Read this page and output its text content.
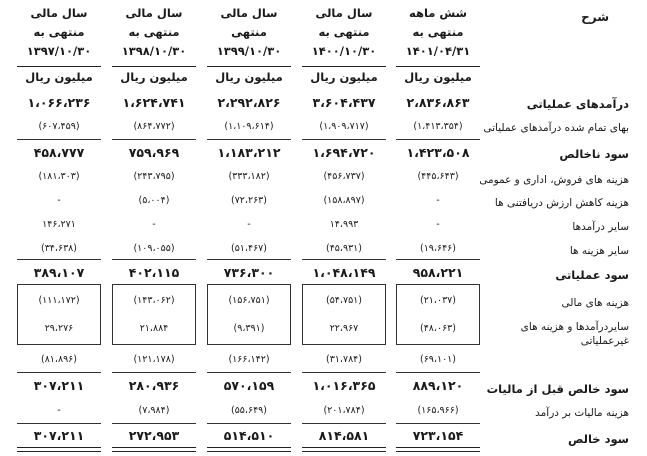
شرح
شش ماهه
منتهی به
۱۴۰۱/۰۴/۳۱
سال مالی
منتهی به
۱۴۰۰/۱۰/۳۰
سال مالی
منتهی
۱۳۹۹/۱۰/۳۰
سال مالی
منتهی به
۱۳۹۸/۱۰/۳۰
سال مالی
منتهی به
۱۳۹۷/۱۰/۳۰
میلیون ریال
میلیون ریال
میلیون ریال
میلیون ریال
میلیون ریال
درآمدهای عملیاتی
بهای تمام شده درآمدهای عملیاتی
سود ناخالص
هزینه های فروش، اداری و عمومی
هزینه کاهش ارزش دریافتنی ها
سایر درآمدها
سایر هزینه ها
سود عملیاتی
هزینه های مالی
سایردرآمدها و هزینه های غیرعملیاتی
سود خالص قبل از مالیات
هزینه مالیات بر درآمد
سود خالص
۲،۸۳۶،۸۶۳
(۱،۴۱۳،۳۵۴)
۱،۴۲۳،۵۰۸
(۴۴۵،۶۴۳)
-
-
(۱۹،۶۴۶)
۹۵۸،۲۲۱
(۲۱،۰۳۷)
(۴۸،۰۶۳)
(۶۹،۱۰۱)
۸۸۹،۱۲۰
(۱۶۵،۹۶۶)
۷۲۳،۱۵۴
۳،۶۰۴،۴۳۷
(۱،۹۰۹،۷۱۷)
۱،۶۹۴،۷۲۰
(۴۵۶،۷۳۷)
(۱۵۸،۸۹۷)
۱۴،۹۹۳
(۴۵،۹۳۱)
۱،۰۴۸،۱۴۹
(۵۴،۷۵۱)
۲۲،۹۶۷
(۳۱،۷۸۴)
۱،۰۱۶،۳۶۵
(۲۰۱،۷۸۴)
۸۱۴،۵۸۱
۲،۲۹۲،۸۲۶
(۱،۱۰۹،۶۱۴)
۱،۱۸۳،۲۱۲
(۳۳۳،۱۸۲)
(۷۲،۲۶۳)
-
(۵۱،۴۶۷)
۷۳۶،۳۰۰
(۱۵۶،۷۵۱)
(۹،۳۹۱)
(۱۶۶،۱۴۲)
۵۷۰،۱۵۹
(۵۵،۶۴۹)
۵۱۴،۵۱۰
۱،۶۲۴،۷۴۱
(۸۶۴،۷۷۲)
۷۵۹،۹۶۹
(۲۴۳،۷۹۵)
(۵،۰۰۴)
-
(۱۰۹،۰۵۵)
۴۰۲،۱۱۵
(۱۴۳،۰۶۲)
۲۱،۸۸۴
(۱۲۱،۱۷۸)
۲۸۰،۹۳۶
(۷،۹۸۴)
۲۷۲،۹۵۳
۱،۰۶۶،۲۳۶
(۶۰۷،۴۵۹)
۴۵۸،۷۷۷
(۱۸۱،۳۰۳)
-
۱۴۶،۲۷۱
(۳۴،۶۳۸)
۳۸۹،۱۰۷
(۱۱۱،۱۷۲)
۲۹،۲۷۶
(۸۱،۸۹۶)
۳۰۷،۲۱۱
-
۳۰۷،۲۱۱
